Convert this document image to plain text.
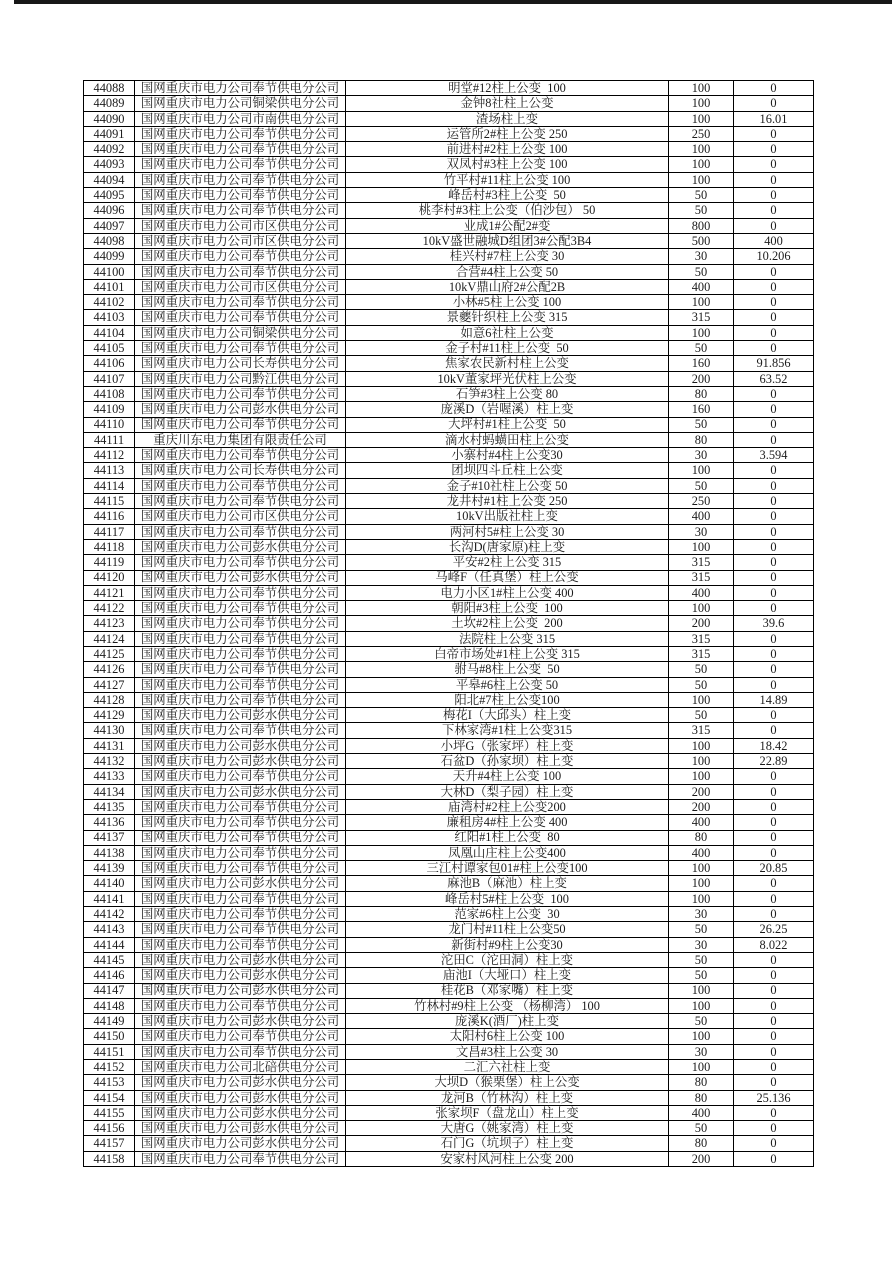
44088	国网重庆市电力公司奉节供电分公司	明堂#12柱上公变  100	100	0
44089	国网重庆市电力公司铜梁供电分公司	金钟8社柱上公变	100	0
44090	国网重庆市电力公司市南供电分公司	渣场柱上变	100	16.01
44091	国网重庆市电力公司奉节供电分公司	运管所2#柱上公变 250	250	0
44092	国网重庆市电力公司奉节供电分公司	前进村#2柱上公变 100	100	0
44093	国网重庆市电力公司奉节供电分公司	双凤村#3柱上公变 100	100	0
44094	国网重庆市电力公司奉节供电分公司	竹平村#11柱上公变 100	100	0
44095	国网重庆市电力公司奉节供电分公司	峰岳村#3柱上公变  50	50	0
44096	国网重庆市电力公司奉节供电分公司	桃李村#3柱上公变（伯沙包） 50	50	0
44097	国网重庆市电力公司市区供电分公司	业成1#公配2#变	800	0
44098	国网重庆市电力公司市区供电分公司	10kV盛世融城D组团3#公配3B4	500	400
44099	国网重庆市电力公司奉节供电分公司	桂兴村#7柱上公变 30	30	10.206
44100	国网重庆市电力公司奉节供电分公司	合营#4柱上公变 50	50	0
44101	国网重庆市电力公司市区供电分公司	10kV鼎山府2#公配2B	400	0
44102	国网重庆市电力公司奉节供电分公司	小林#5柱上公变 100	100	0
44103	国网重庆市电力公司奉节供电分公司	景夔针织柱上公变 315	315	0
44104	国网重庆市电力公司铜梁供电分公司	如意6社柱上公变	100	0
44105	国网重庆市电力公司奉节供电分公司	金子村#11柱上公变  50	50	0
44106	国网重庆市电力公司长寿供电分公司	焦家农民新村柱上公变	160	91.856
44107	国网重庆市电力公司黔江供电分公司	10kV董家坪光伏柱上公变	200	63.52
44108	国网重庆市电力公司奉节供电分公司	石笋#3柱上公变 80	80	0
44109	国网重庆市电力公司彭水供电分公司	庞溪D（岩喔溪）柱上变	160	0
44110	国网重庆市电力公司奉节供电分公司	大坪村#1柱上公变  50	50	0
44111	重庆川东电力集团有限责任公司	滴水村蚂蟥田柱上公变	80	0
44112	国网重庆市电力公司奉节供电分公司	小寨村#4柱上公变30	30	3.594
44113	国网重庆市电力公司长寿供电分公司	团坝四斗丘柱上公变	100	0
44114	国网重庆市电力公司奉节供电分公司	金子#10社柱上公变 50	50	0
44115	国网重庆市电力公司奉节供电分公司	龙井村#1柱上公变 250	250	0
44116	国网重庆市电力公司市区供电分公司	10kV出版社柱上变	400	0
44117	国网重庆市电力公司奉节供电分公司	两河村5#柱上公变 30	30	0
44118	国网重庆市电力公司彭水供电分公司	长沟D(唐家原)柱上变	100	0
44119	国网重庆市电力公司奉节供电分公司	平安#2柱上公变 315	315	0
44120	国网重庆市电力公司彭水供电分公司	马峰F（任真堡）柱上公变	315	0
44121	国网重庆市电力公司奉节供电分公司	电力小区1#柱上公变 400	400	0
44122	国网重庆市电力公司奉节供电分公司	朝阳#3柱上公变  100	100	0
44123	国网重庆市电力公司奉节供电分公司	土坎#2柱上公变  200	200	39.6
44124	国网重庆市电力公司奉节供电分公司	法院柱上公变 315	315	0
44125	国网重庆市电力公司奉节供电分公司	白帝市场处#1柱上公变 315	315	0
44126	国网重庆市电力公司奉节供电分公司	驸马#8柱上公变  50	50	0
44127	国网重庆市电力公司奉节供电分公司	平皋#6柱上公变 50	50	0
44128	国网重庆市电力公司奉节供电分公司	阳北#7柱上公变100	100	14.89
44129	国网重庆市电力公司彭水供电分公司	梅花I（大邱头）柱上变	50	0
44130	国网重庆市电力公司奉节供电分公司	下林家湾#1柱上公变315	315	0
44131	国网重庆市电力公司彭水供电分公司	小坪G（张家坪）柱上变	100	18.42
44132	国网重庆市电力公司彭水供电分公司	石盆D（孙家坝）柱上变	100	22.89
44133	国网重庆市电力公司奉节供电分公司	天升#4柱上公变 100	100	0
44134	国网重庆市电力公司彭水供电分公司	大林D（梨子园）柱上变	200	0
44135	国网重庆市电力公司奉节供电分公司	庙湾村#2柱上公变200	200	0
44136	国网重庆市电力公司奉节供电分公司	廉租房4#柱上公变 400	400	0
44137	国网重庆市电力公司奉节供电分公司	红阳#1柱上公变  80	80	0
44138	国网重庆市电力公司奉节供电分公司	凤凰山庄柱上公变400	400	0
44139	国网重庆市电力公司奉节供电分公司	三江村谭家包01#柱上公变100	100	20.85
44140	国网重庆市电力公司彭水供电分公司	麻池B（麻池）柱上变	100	0
44141	国网重庆市电力公司奉节供电分公司	峰岳村5#柱上公变  100	100	0
44142	国网重庆市电力公司奉节供电分公司	范家#6柱上公变  30	30	0
44143	国网重庆市电力公司奉节供电分公司	龙门村#11柱上公变50	50	26.25
44144	国网重庆市电力公司奉节供电分公司	新街村#9柱上公变30	30	8.022
44145	国网重庆市电力公司彭水供电分公司	沱田C（沱田洞）柱上变	50	0
44146	国网重庆市电力公司彭水供电分公司	庙池I（大垭口）柱上变	50	0
44147	国网重庆市电力公司彭水供电分公司	桂花B（邓家嘴）柱上变	100	0
44148	国网重庆市电力公司奉节供电分公司	竹林村#9柱上公变 （杨柳湾） 100	100	0
44149	国网重庆市电力公司彭水供电分公司	庞溪K(酒厂)柱上变	50	0
44150	国网重庆市电力公司奉节供电分公司	太阳村6柱上公变 100	100	0
44151	国网重庆市电力公司奉节供电分公司	文昌#3柱上公变 30	30	0
44152	国网重庆市电力公司北碚供电分公司	二汇六社柱上变	100	0
44153	国网重庆市电力公司彭水供电分公司	大坝D（猴栗堡）柱上公变	80	0
44154	国网重庆市电力公司彭水供电分公司	龙河B（竹林沟）柱上变	80	25.136
44155	国网重庆市电力公司彭水供电分公司	张家坝F（盘龙山）柱上变	400	0
44156	国网重庆市电力公司彭水供电分公司	大唐G（姚家湾）柱上变	50	0
44157	国网重庆市电力公司彭水供电分公司	石门G（坑坝子）柱上变	80	0
44158	国网重庆市电力公司奉节供电分公司	安家村风河柱上公变 200	200	0
